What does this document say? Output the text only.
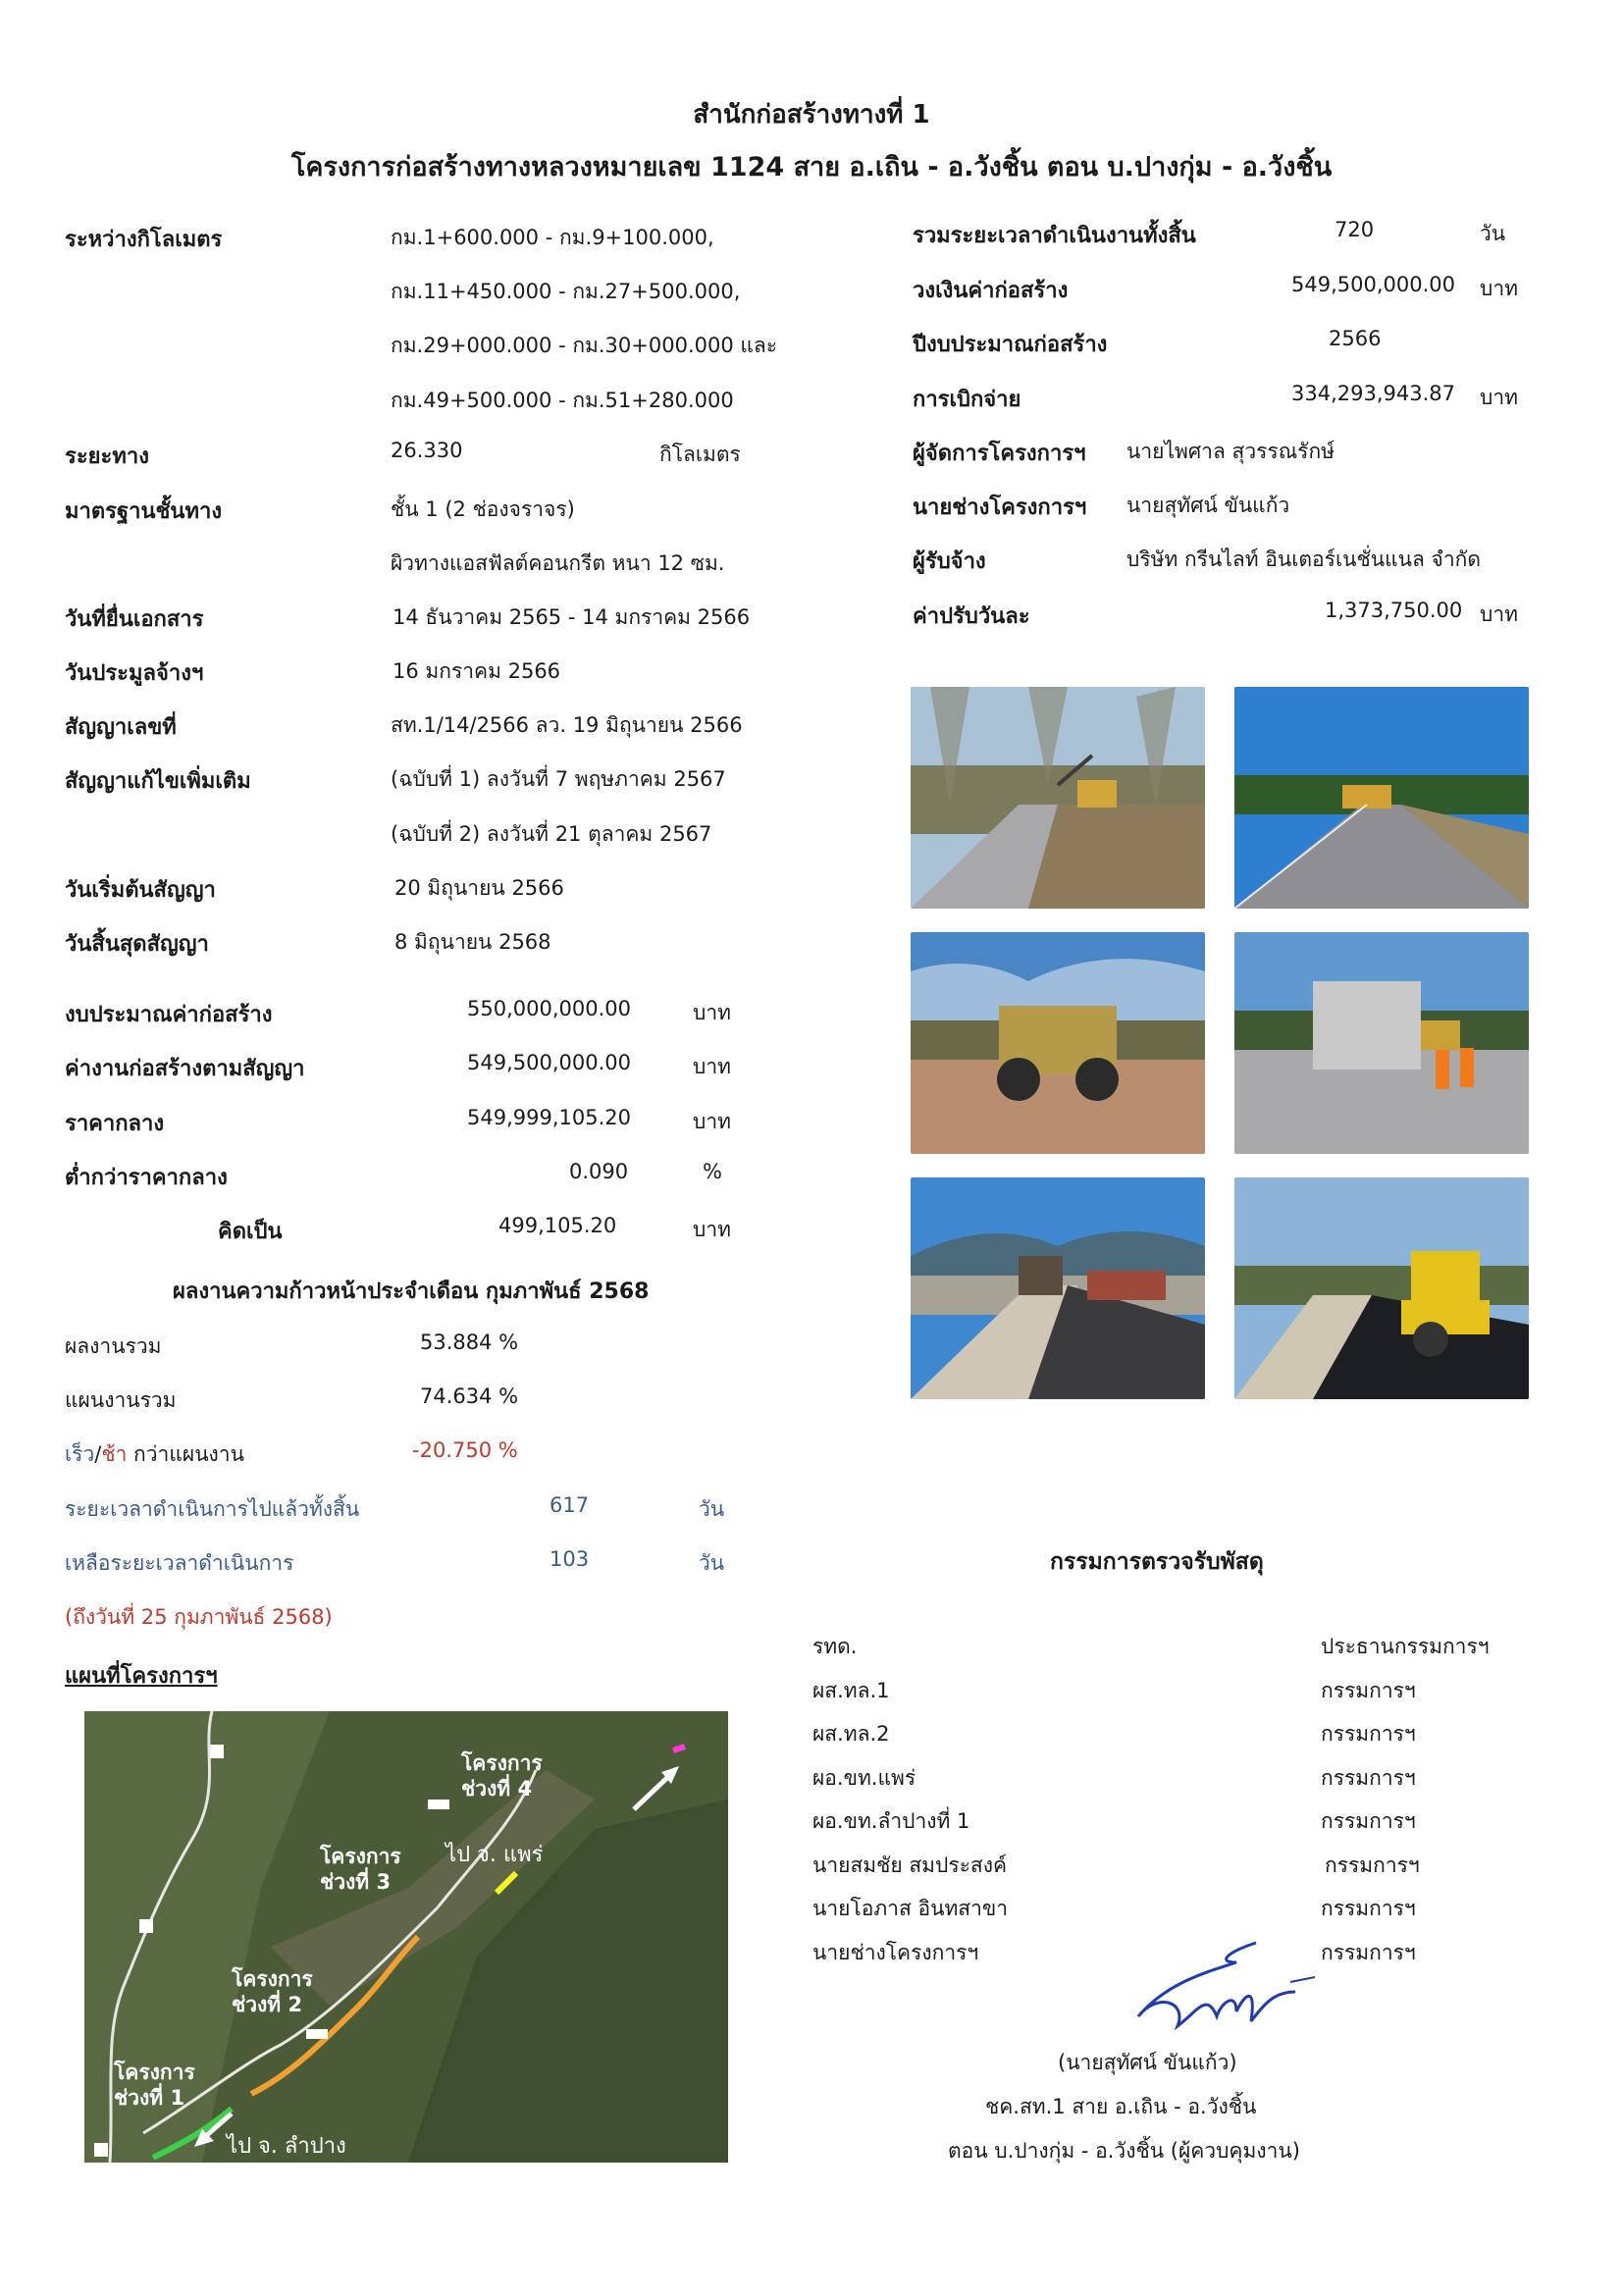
สำนักก่อสร้างทางที่ 1
โครงการก่อสร้างทางหลวงหมายเลข 1124 สาย อ.เถิน - อ.วังชิ้น ตอน บ.ปางกุ่ม - อ.วังชิ้น
ระหว่างกิโลเมตร	กม.1+600.000 - กม.9+100.000,
กม.11+450.000 - กม.27+500.000,
กม.29+000.000 - กม.30+000.000 และ
กม.49+500.000 - กม.51+280.000
ระยะทาง	26.330	กิโลเมตร
มาตรฐานชั้นทาง	ชั้น 1 (2 ช่องจราจร)
ผิวทางแอสฟัลต์คอนกรีต หนา 12 ซม.
วันที่ยื่นเอกสาร	14 ธันวาคม 2565 - 14 มกราคม 2566
วันประมูลจ้างฯ	16 มกราคม 2566
สัญญาเลขที่	สท.1/14/2566 ลว. 19 มิถุนายน 2566
สัญญาแก้ไขเพิ่มเติม	(ฉบับที่ 1) ลงวันที่ 7 พฤษภาคม 2567
(ฉบับที่ 2) ลงวันที่ 21 ตุลาคม 2567
วันเริ่มต้นสัญญา	20 มิถุนายน 2566
วันสิ้นสุดสัญญา	8 มิถุนายน 2568
งบประมาณค่าก่อสร้าง	550,000,000.00	บาท
ค่างานก่อสร้างตามสัญญา	549,500,000.00	บาท
ราคากลาง	549,999,105.20	บาท
ต่ำกว่าราคากลาง	0.090	%
คิดเป็น	499,105.20	บาท
ผลงานความก้าวหน้าประจำเดือน กุมภาพันธ์ 2568
ผลงานรวม	53.884 %
แผนงานรวม	74.634 %
เร็ว/ช้า กว่าแผนงาน	-20.750 %
ระยะเวลาดำเนินการไปแล้วทั้งสิ้น	617	วัน
เหลือระยะเวลาดำเนินการ	103	วัน
(ถึงวันที่ 25 กุมภาพันธ์ 2568)
รวมระยะเวลาดำเนินงานทั้งสิ้น	720	วัน
วงเงินค่าก่อสร้าง	549,500,000.00 บาท
ปีงบประมาณก่อสร้าง	2566
การเบิกจ่าย	334,293,943.87 บาท
ผู้จัดการโครงการฯ นายไพศาล สุวรรณรักษ์
นายช่างโครงการฯ นายสุทัศน์ ขันแก้ว
ผู้รับจ้าง	บริษัท กรีนไลท์ อินเตอร์เนชั่นแนล จำกัด
ค่าปรับวันละ	1,373,750.00 บาท
แผนที่โครงการฯ
โครงการ ช่วงที่ 1
โครงการ ช่วงที่ 2
โครงการ ช่วงที่ 3
โครงการ ช่วงที่ 4
ไป จ. แพร่
ไป จ. ลำปาง
กรรมการตรวจรับพัสดุ
รทด.	ประธานกรรมการฯ
ผส.ทล.1	กรรมการฯ
ผส.ทล.2	กรรมการฯ
ผอ.ขท.แพร่	กรรมการฯ
ผอ.ขท.ลำปางที่ 1	กรรมการฯ
นายสมชัย สมประสงค์	กรรมการฯ
นายโอภาส อินทสาขา	กรรมการฯ
นายช่างโครงการฯ	กรรมการฯ
(นายสุทัศน์ ขันแก้ว)
ชค.สท.1 สาย อ.เถิน - อ.วังชิ้น
ตอน บ.ปางกุ่ม - อ.วังชิ้น (ผู้ควบคุมงาน)
